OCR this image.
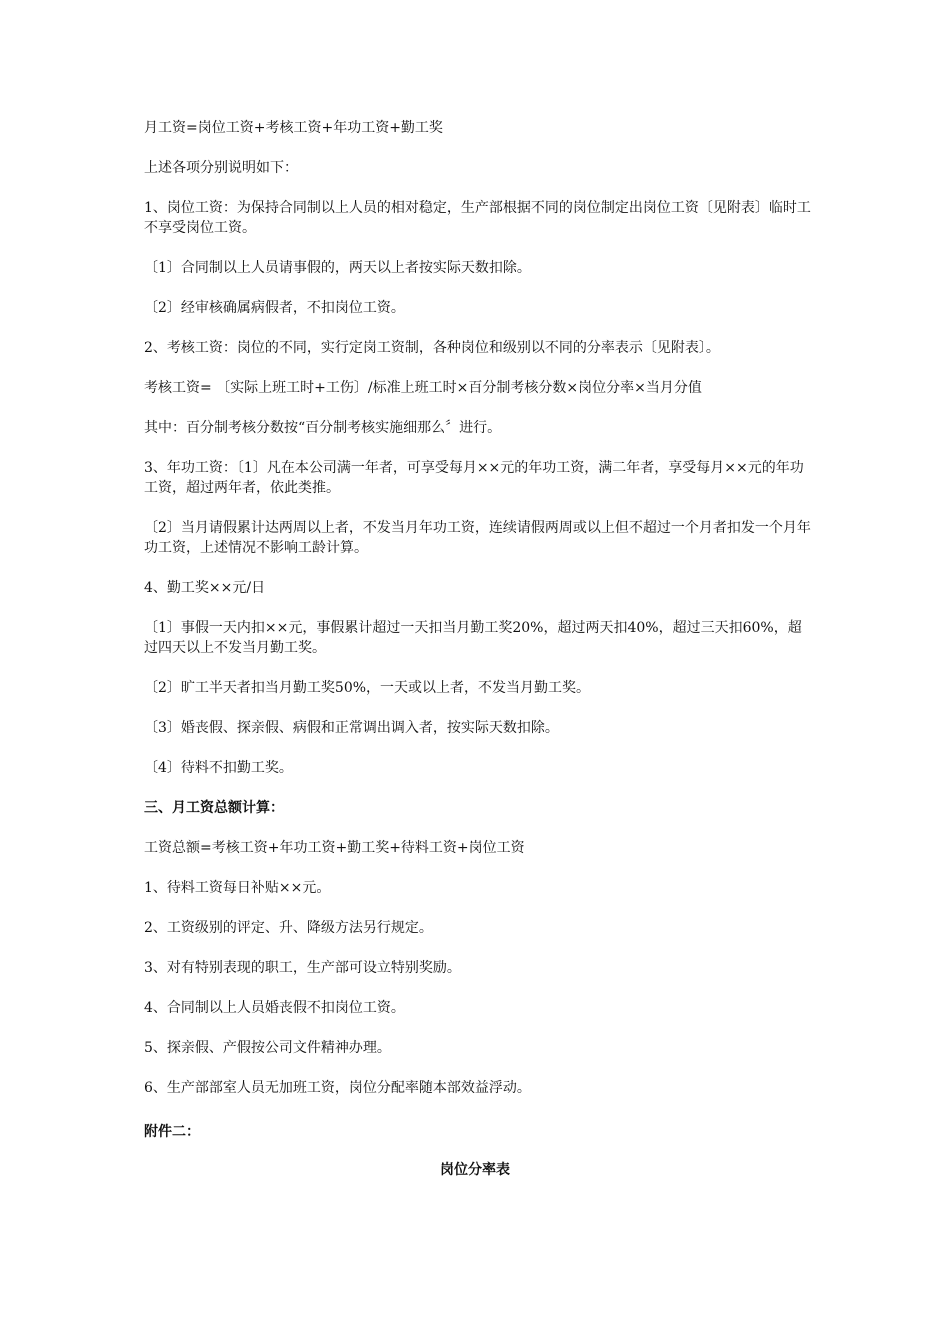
月工资=岗位工资+考核工资+年功工资+勤工奖

上述各项分别说明如下：

1、岗位工资：为保持合同制以上人员的相对稳定，生产部根据不同的岗位制定出岗位工资〔见附表〕临时工不享受岗位工资。

〔1〕合同制以上人员请事假的，两天以上者按实际天数扣除。

〔2〕经审核确属病假者，不扣岗位工资。

2、考核工资：岗位的不同，实行定岗工资制，各种岗位和级别以不同的分率表示〔见附表〕。

考核工资= 〔实际上班工时+工伤〕/标准上班工时×百分制考核分数×岗位分率×当月分值

其中：百分制考核分数按“百分制考核实施细那么〞进行。

3、年功工资：〔1〕凡在本公司满一年者，可享受每月××元的年功工资，满二年者，享受每月××元的年功工资，超过两年者，依此类推。

〔2〕当月请假累计达两周以上者，不发当月年功工资，连续请假两周或以上但不超过一个月者扣发一个月年功工资，上述情况不影响工龄计算。

4、勤工奖××元/日

〔1〕事假一天内扣××元，事假累计超过一天扣当月勤工奖20%，超过两天扣40%，超过三天扣60%，超过四天以上不发当月勤工奖。

〔2〕旷工半天者扣当月勤工奖50%，一天或以上者，不发当月勤工奖。

〔3〕婚丧假、探亲假、病假和正常调出调入者，按实际天数扣除。

〔4〕待料不扣勤工奖。

三、月工资总额计算：

工资总额=考核工资+年功工资+勤工奖+待料工资+岗位工资

1、待料工资每日补贴××元。

2、工资级别的评定、升、降级方法另行规定。

3、对有特别表现的职工，生产部可设立特别奖励。

4、合同制以上人员婚丧假不扣岗位工资。

5、探亲假、产假按公司文件精神办理。

6、生产部部室人员无加班工资，岗位分配率随本部效益浮动。

附件二：

岗位分率表
